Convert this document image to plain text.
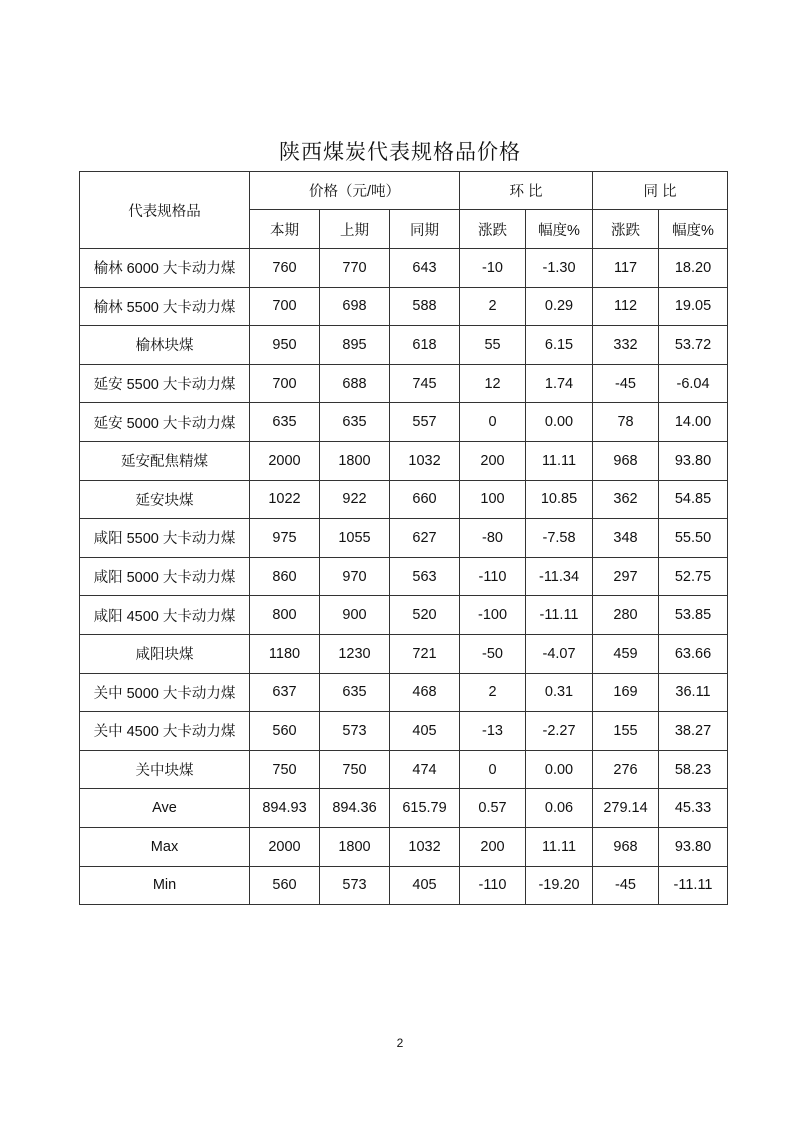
陕西煤炭代表规格品价格
代表规格品	价格（元/吨）			环 比		同 比	
	本期	上期	同期	涨跌	幅度%	涨跌	幅度%
榆林 6000 大卡动力煤	760	770	643	-10	-1.30	117	18.20
榆林 5500 大卡动力煤	700	698	588	2	0.29	112	19.05
榆林块煤	950	895	618	55	6.15	332	53.72
延安 5500 大卡动力煤	700	688	745	12	1.74	-45	-6.04
延安 5000 大卡动力煤	635	635	557	0	0.00	78	14.00
延安配焦精煤	2000	1800	1032	200	11.11	968	93.80
延安块煤	1022	922	660	100	10.85	362	54.85
咸阳 5500 大卡动力煤	975	1055	627	-80	-7.58	348	55.50
咸阳 5000 大卡动力煤	860	970	563	-110	-11.34	297	52.75
咸阳 4500 大卡动力煤	800	900	520	-100	-11.11	280	53.85
咸阳块煤	1180	1230	721	-50	-4.07	459	63.66
关中 5000 大卡动力煤	637	635	468	2	0.31	169	36.11
关中 4500 大卡动力煤	560	573	405	-13	-2.27	155	38.27
关中块煤	750	750	474	0	0.00	276	58.23
Ave	894.93	894.36	615.79	0.57	0.06	279.14	45.33
Max	2000	1800	1032	200	11.11	968	93.80
Min	560	573	405	-110	-19.20	-45	-11.11
2
